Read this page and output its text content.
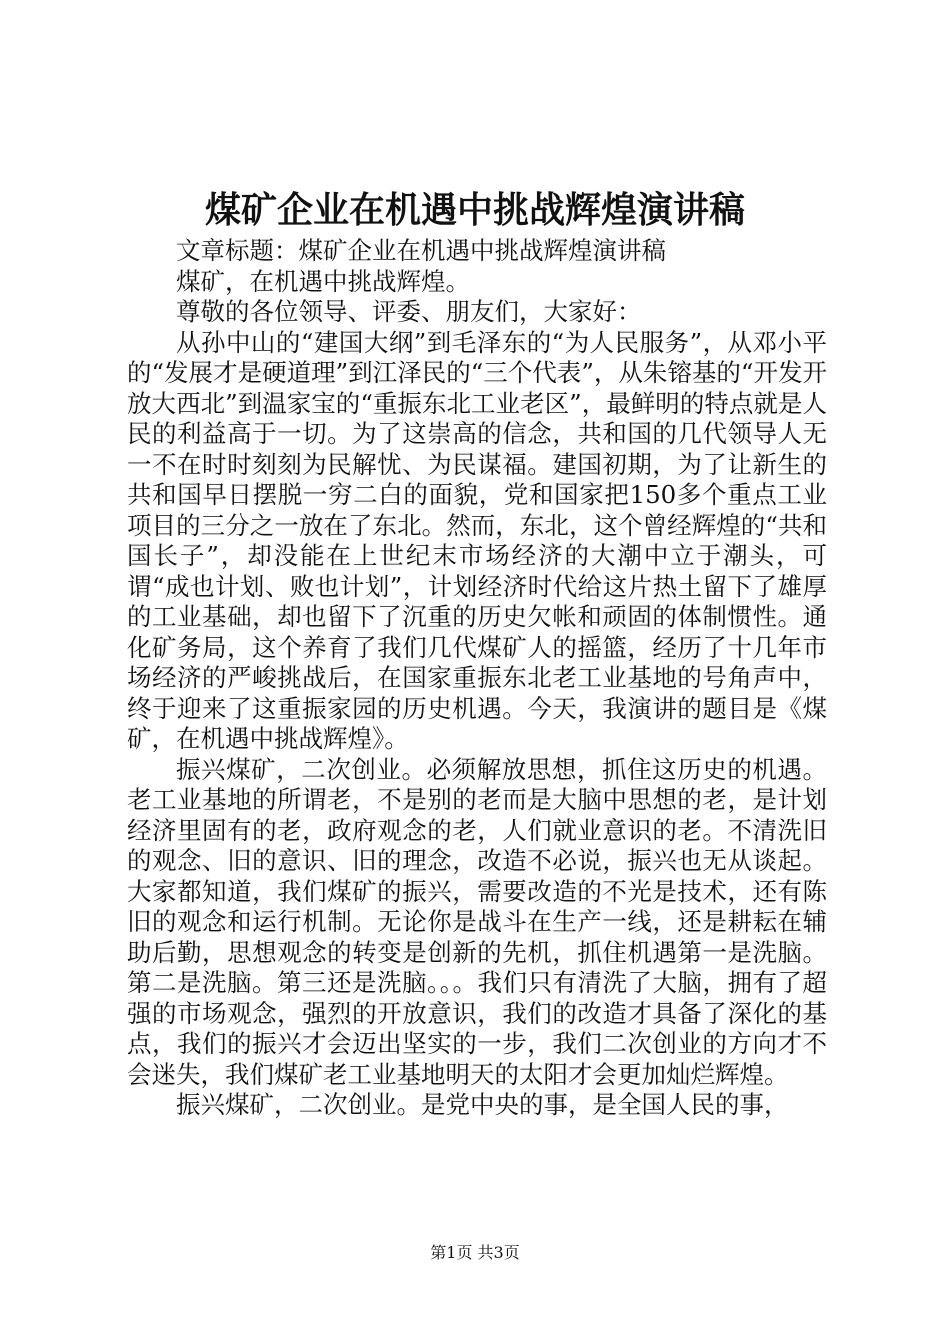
煤矿企业在机遇中挑战辉煌演讲稿

文章标题：煤矿企业在机遇中挑战辉煌演讲稿

煤矿，在机遇中挑战辉煌。

尊敬的各位领导、评委、朋友们，大家好：

从孙中山的“建国大纲”到毛泽东的“为人民服务”，从邓小平的“发展才是硬道理”到江泽民的“三个代表”，从朱镕基的“开发开放大西北”到温家宝的“重振东北工业老区”，最鲜明的特点就是人民的利益高于一切。为了这崇高的信念，共和国的几代领导人无一不在时时刻刻为民解忧、为民谋福。建国初期，为了让新生的共和国早日摆脱一穷二白的面貌，党和国家把150多个重点工业项目的三分之一放在了东北。然而，东北，这个曾经辉煌的“共和国长子”，却没能在上世纪末市场经济的大潮中立于潮头，可谓“成也计划、败也计划”，计划经济时代给这片热土留下了雄厚的工业基础，却也留下了沉重的历史欠帐和顽固的体制惯性。通化矿务局，这个养育了我们几代煤矿人的摇篮，经历了十几年市场经济的严峻挑战后，在国家重振东北老工业基地的号角声中，终于迎来了这重振家园的历史机遇。今天，我演讲的题目是《煤矿，在机遇中挑战辉煌》。

振兴煤矿，二次创业。必须解放思想，抓住这历史的机遇。老工业基地的所谓老，不是别的老而是大脑中思想的老，是计划经济里固有的老，政府观念的老，人们就业意识的老。不清洗旧的观念、旧的意识、旧的理念，改造不必说，振兴也无从谈起。大家都知道，我们煤矿的振兴，需要改造的不光是技术，还有陈旧的观念和运行机制。无论你是战斗在生产一线，还是耕耘在辅助后勤，思想观念的转变是创新的先机，抓住机遇第一是洗脑。第二是洗脑。第三还是洗脑。。。我们只有清洗了大脑，拥有了超强的市场观念，强烈的开放意识，我们的改造才具备了深化的基点，我们的振兴才会迈出坚实的一步，我们二次创业的方向才不会迷失，我们煤矿老工业基地明天的太阳才会更加灿烂辉煌。

振兴煤矿，二次创业。是党中央的事，是全国人民的事，

第1页 共3页
